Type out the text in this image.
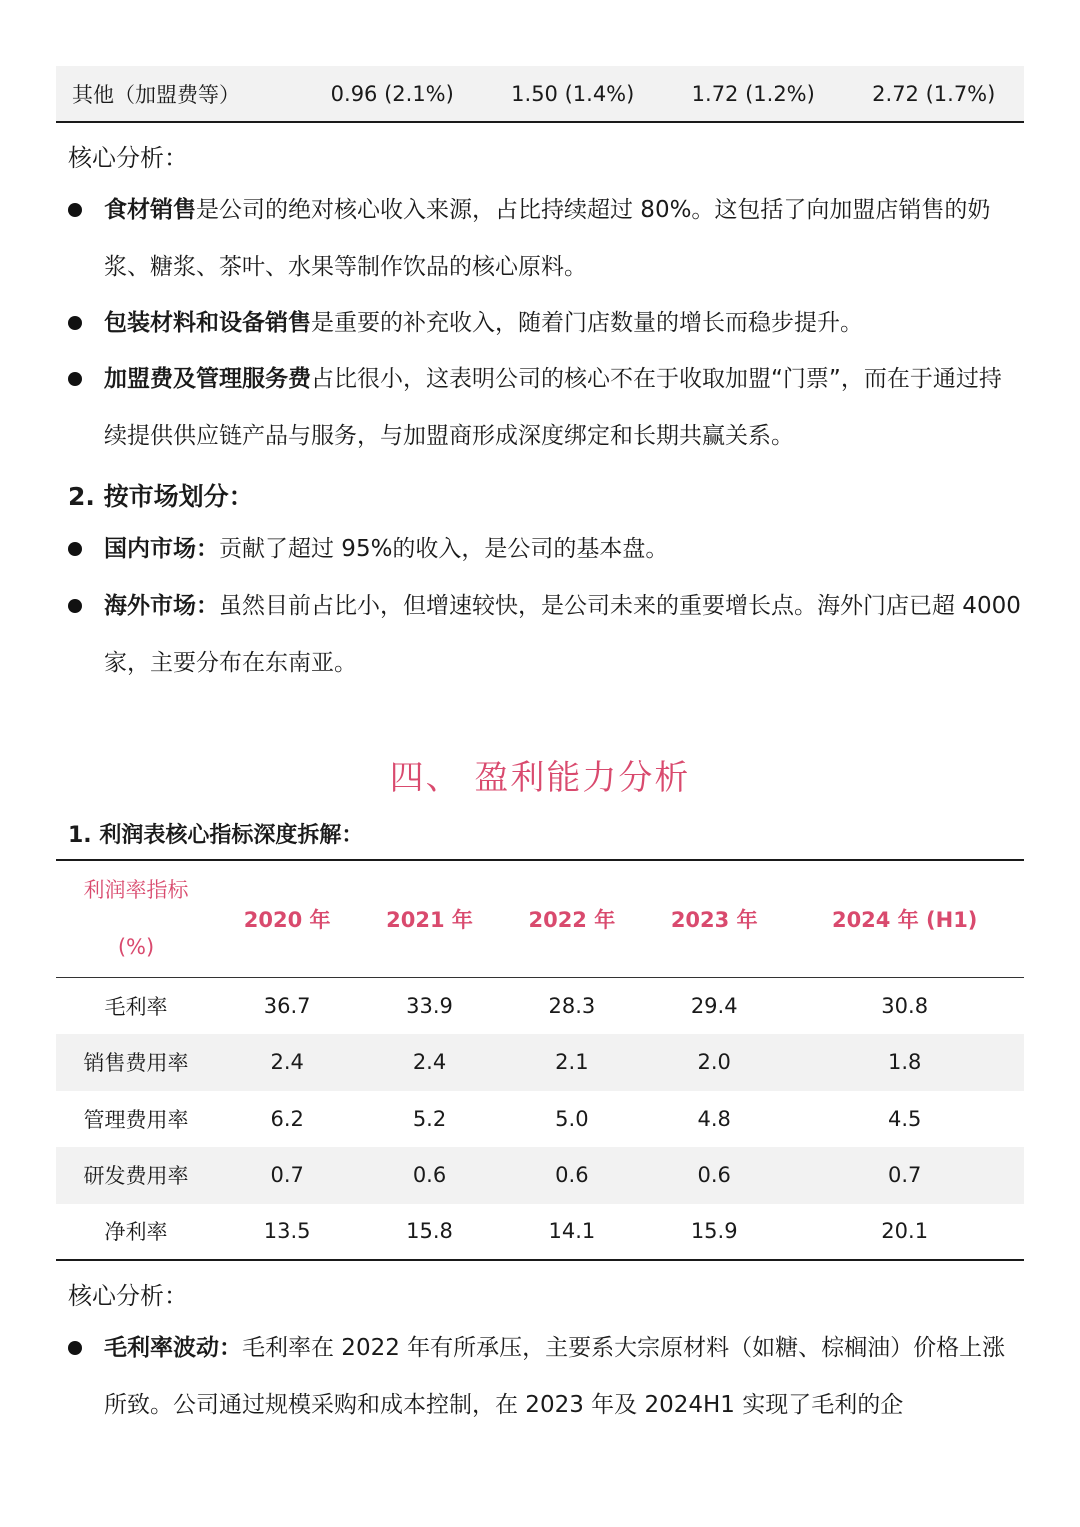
其他（加盟费等）	0.96 (2.1%)	1.50 (1.4%)	1.72 (1.2%)	2.72 (1.7%)
核心分析：
食材销售是公司的绝对核心收入来源，占比持续超过 80%。这包括了向加盟店销售的奶浆、糖浆、茶叶、水果等制作饮品的核心原料。
包装材料和设备销售是重要的补充收入，随着门店数量的增长而稳步提升。
加盟费及管理服务费占比很小，这表明公司的核心不在于收取加盟“门票”，而在于通过持续提供供应链产品与服务，与加盟商形成深度绑定和长期共赢关系。
2. 按市场划分：
国内市场：贡献了超过 95%的收入，是公司的基本盘。
海外市场：虽然目前占比小，但增速较快，是公司未来的重要增长点。海外门店已超 4000 家，主要分布在东南亚。
四、 盈利能力分析
1. 利润表核心指标深度拆解：
利润率指标
(%)	2020 年	2021 年	2022 年	2023 年	2024 年 (H1)
毛利率	36.7	33.9	28.3	29.4	30.8
销售费用率	2.4	2.4	2.1	2.0	1.8
管理费用率	6.2	5.2	5.0	4.8	4.5
研发费用率	0.7	0.6	0.6	0.6	0.7
净利率	13.5	15.8	14.1	15.9	20.1
核心分析：
毛利率波动：毛利率在 2022 年有所承压，主要系大宗原材料（如糖、棕榈油）价格上涨所致。公司通过规模采购和成本控制，在 2023 年及 2024H1 实现了毛利的企
